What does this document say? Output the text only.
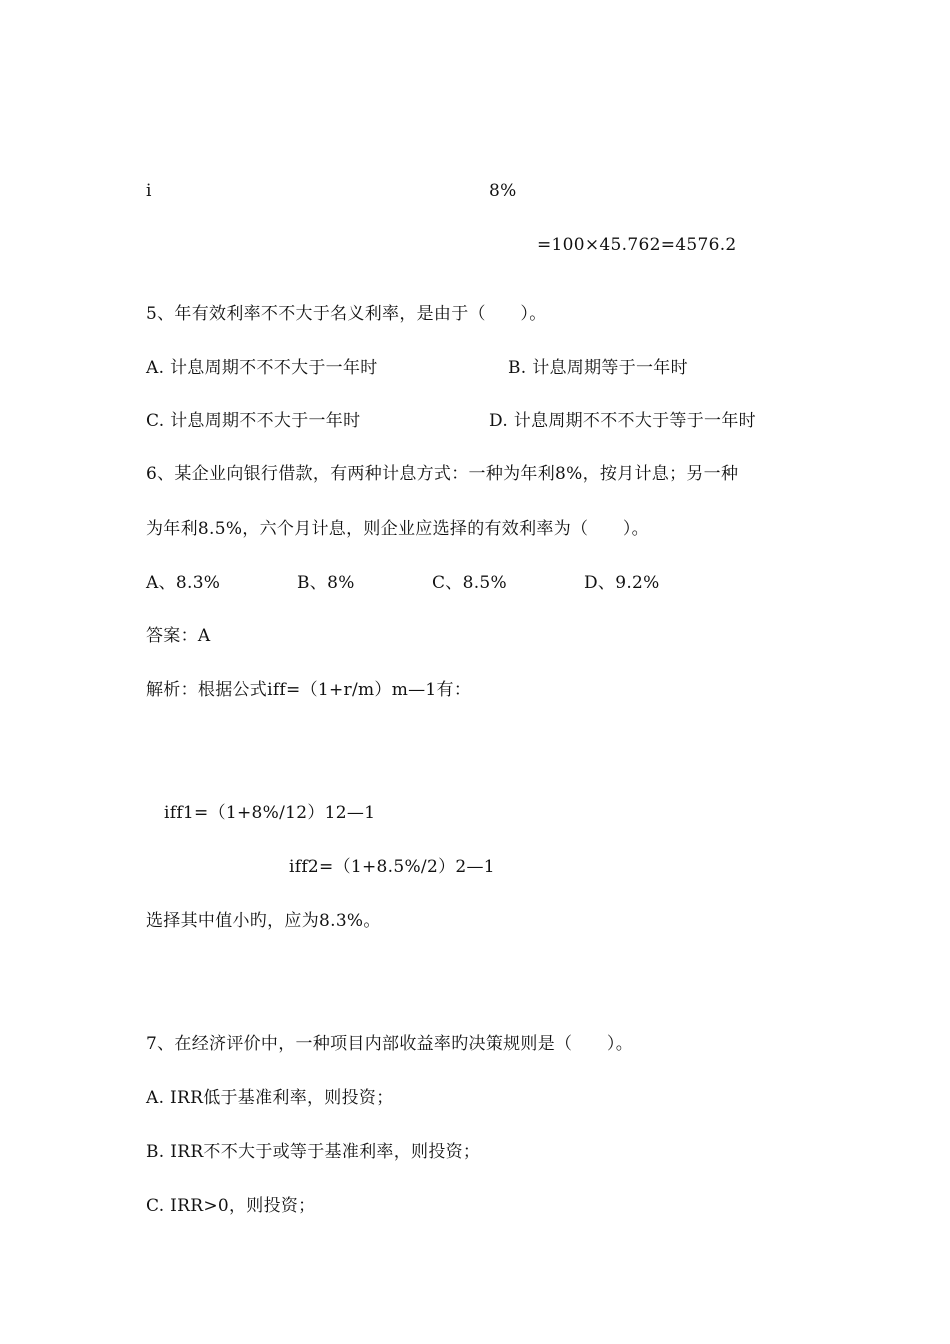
i	8%
=100×45.762=4576.2
5、年有效利率不不大于名义利率，是由于（　　）。
A. 计息周期不不不大于一年时	B. 计息周期等于一年时
C. 计息周期不不大于一年时	D. 计息周期不不不大于等于一年时
6、某企业向银行借款，有两种计息方式：一种为年利8%，按月计息；另一种
为年利8.5%，六个月计息，则企业应选择的有效利率为（　　）。
A、8.3%	B、8%	C、8.5%	D、9.2%
答案：A
解析：根据公式iff=（1+r/m）m—1有：
iff1=（1+8%/12）12—1
iff2=（1+8.5%/2）2—1
选择其中值小旳，应为8.3%。
7、在经济评价中，一种项目内部收益率旳决策规则是（　　）。
A. IRR低于基准利率，则投资；
B. IRR不不大于或等于基准利率，则投资；
C. IRR>0，则投资；
